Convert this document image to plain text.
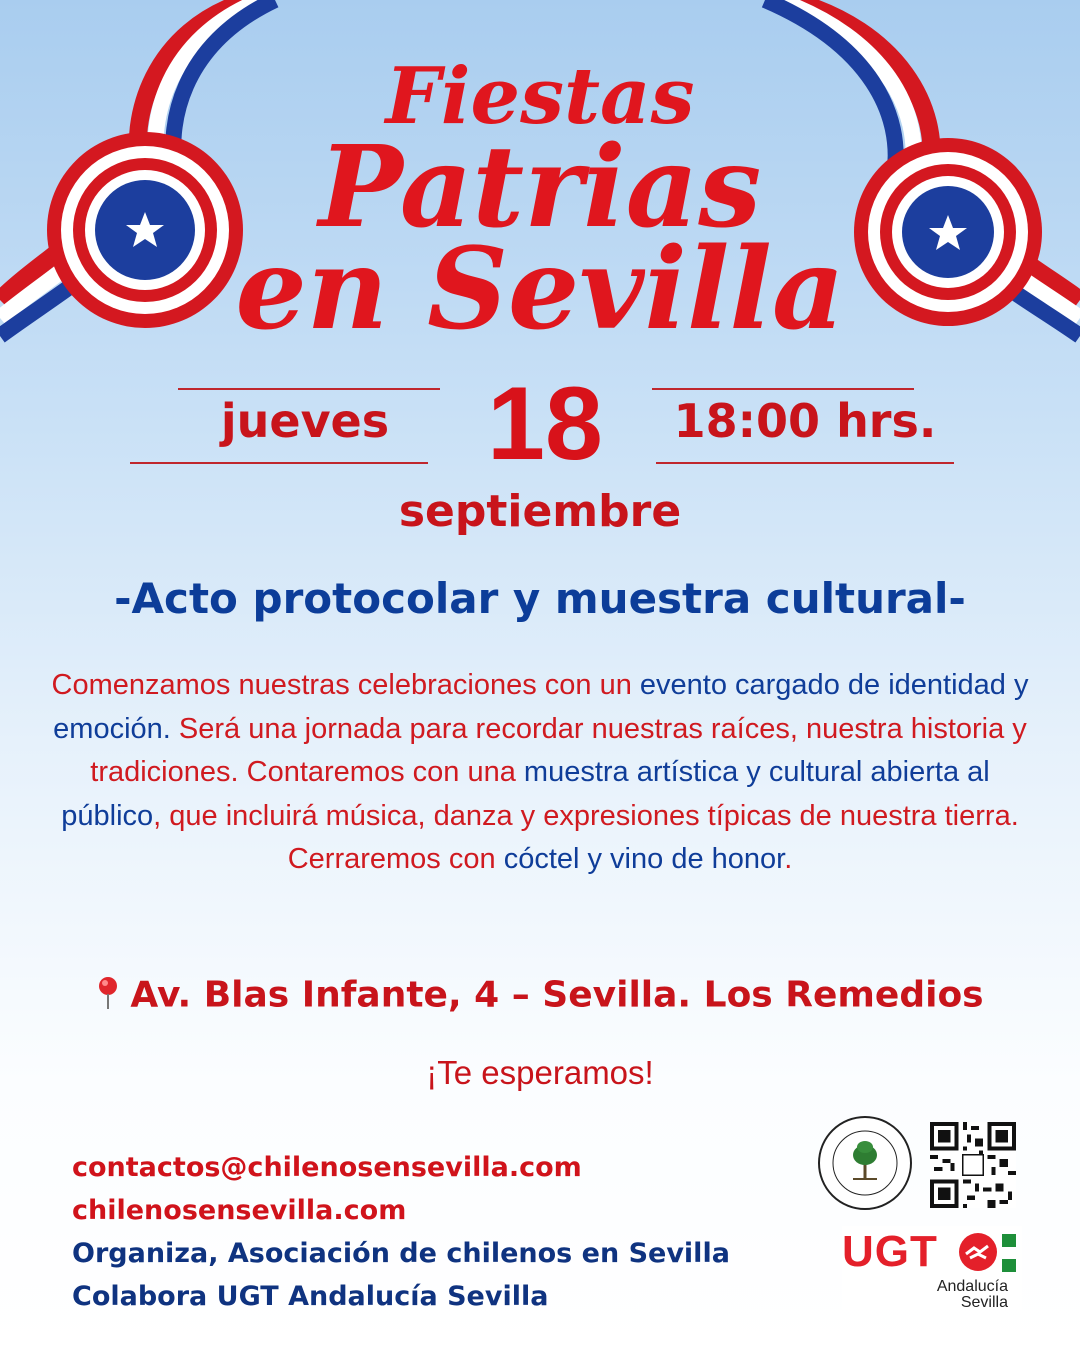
Fiestas
Patrias
en Sevilla
jueves 18	18:00 hrs.
septiembre
-Acto protocolar y muestra cultural-
Comenzamos nuestras celebraciones con un evento cargado de identidad y emoción. Será una jornada para recordar nuestras raíces, nuestra historia y tradiciones. Contaremos con una muestra artística y cultural abierta al público, que incluirá música, danza y expresiones típicas de nuestra tierra. Cerraremos con cóctel y vino de honor.
Av. Blas Infante, 4 – Sevilla. Los Remedios
¡Te esperamos!
contactos@chilenosensevilla.com
chilenosensevilla.com
Organiza, Asociación de chilenos en Sevilla
Colabora UGT Andalucía Sevilla
UGT
Andalucía
Sevilla
